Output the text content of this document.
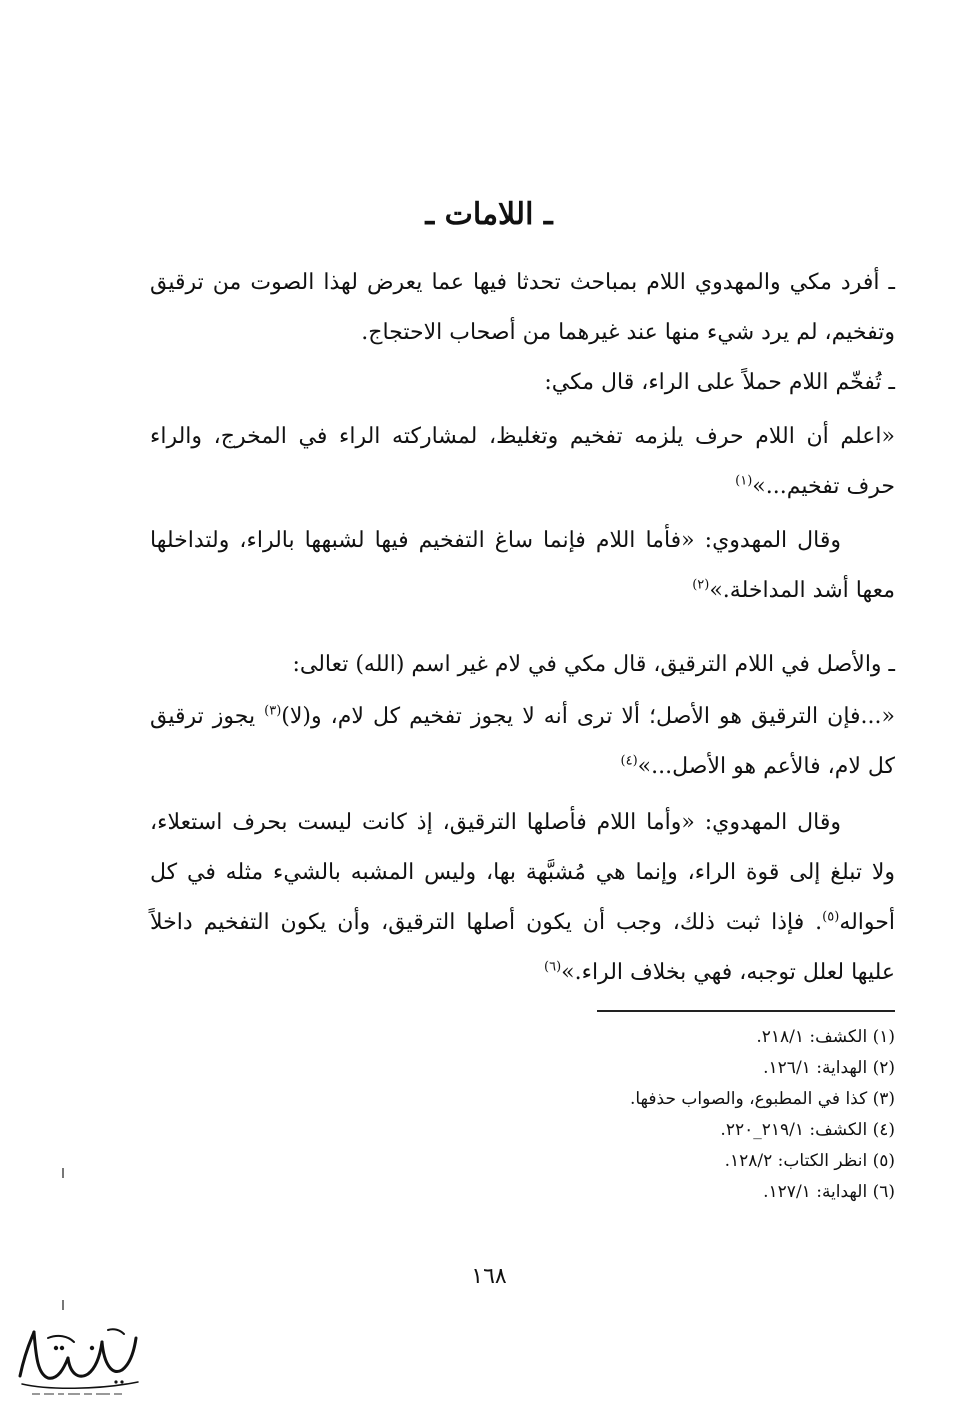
ـ اللامات ـ

ـ أفرد مكي والمهدوي اللام بمباحث تحدثا فيها عما يعرض لهذا الصوت من ترقيق وتفخيم، لم يرد شيء منها عند غيرهما من أصحاب الاحتجاج.

ـ تُفخّم اللام حملاً على الراء، قال مكي:

«اعلم أن اللام حرف يلزمه تفخيم وتغليظ، لمشاركته الراء في المخرج، والراء حرف تفخيم...»$^{(١)}$

وقال المهدوي: «فأما اللام فإنما ساغ التفخيم فيها لشبهها بالراء، ولتداخلها معها أشد المداخلة.»$^{(٢)}$

ـ والأصل في اللام الترقيق، قال مكي في لام غير اسم (الله) تعالى:

«...فإن الترقيق هو الأصل؛ ألا ترى أنه لا يجوز تفخيم كل لام، و(لا)$^{(٣)}$ يجوز ترقيق كل لام، فالأعم هو الأصل...»$^{(٤)}$

وقال المهدوي: «وأما اللام فأصلها الترقيق، إذ كانت ليست بحرف استعلاء، ولا تبلغ إلى قوة الراء، وإنما هي مُشبَّهة بها، وليس المشبه بالشيء مثله في كل أحواله$^{(٥)}$. فإذا ثبت ذلك، وجب أن يكون أصلها الترقيق، وأن يكون التفخيم داخلاً عليها لعلل توجبه، فهي بخلاف الراء.»$^{(٦)}$

(١) الكشف: ٢١٨/١.
(٢) الهداية: ١٢٦/١.
(٣) كذا في المطبوع، والصواب حذفها.
(٤) الكشف: ٢١٩/١_٢٢٠.
(٥) انظر الكتاب: ١٢٨/٢.
(٦) الهداية: ١٢٧/١.
١٦٨
